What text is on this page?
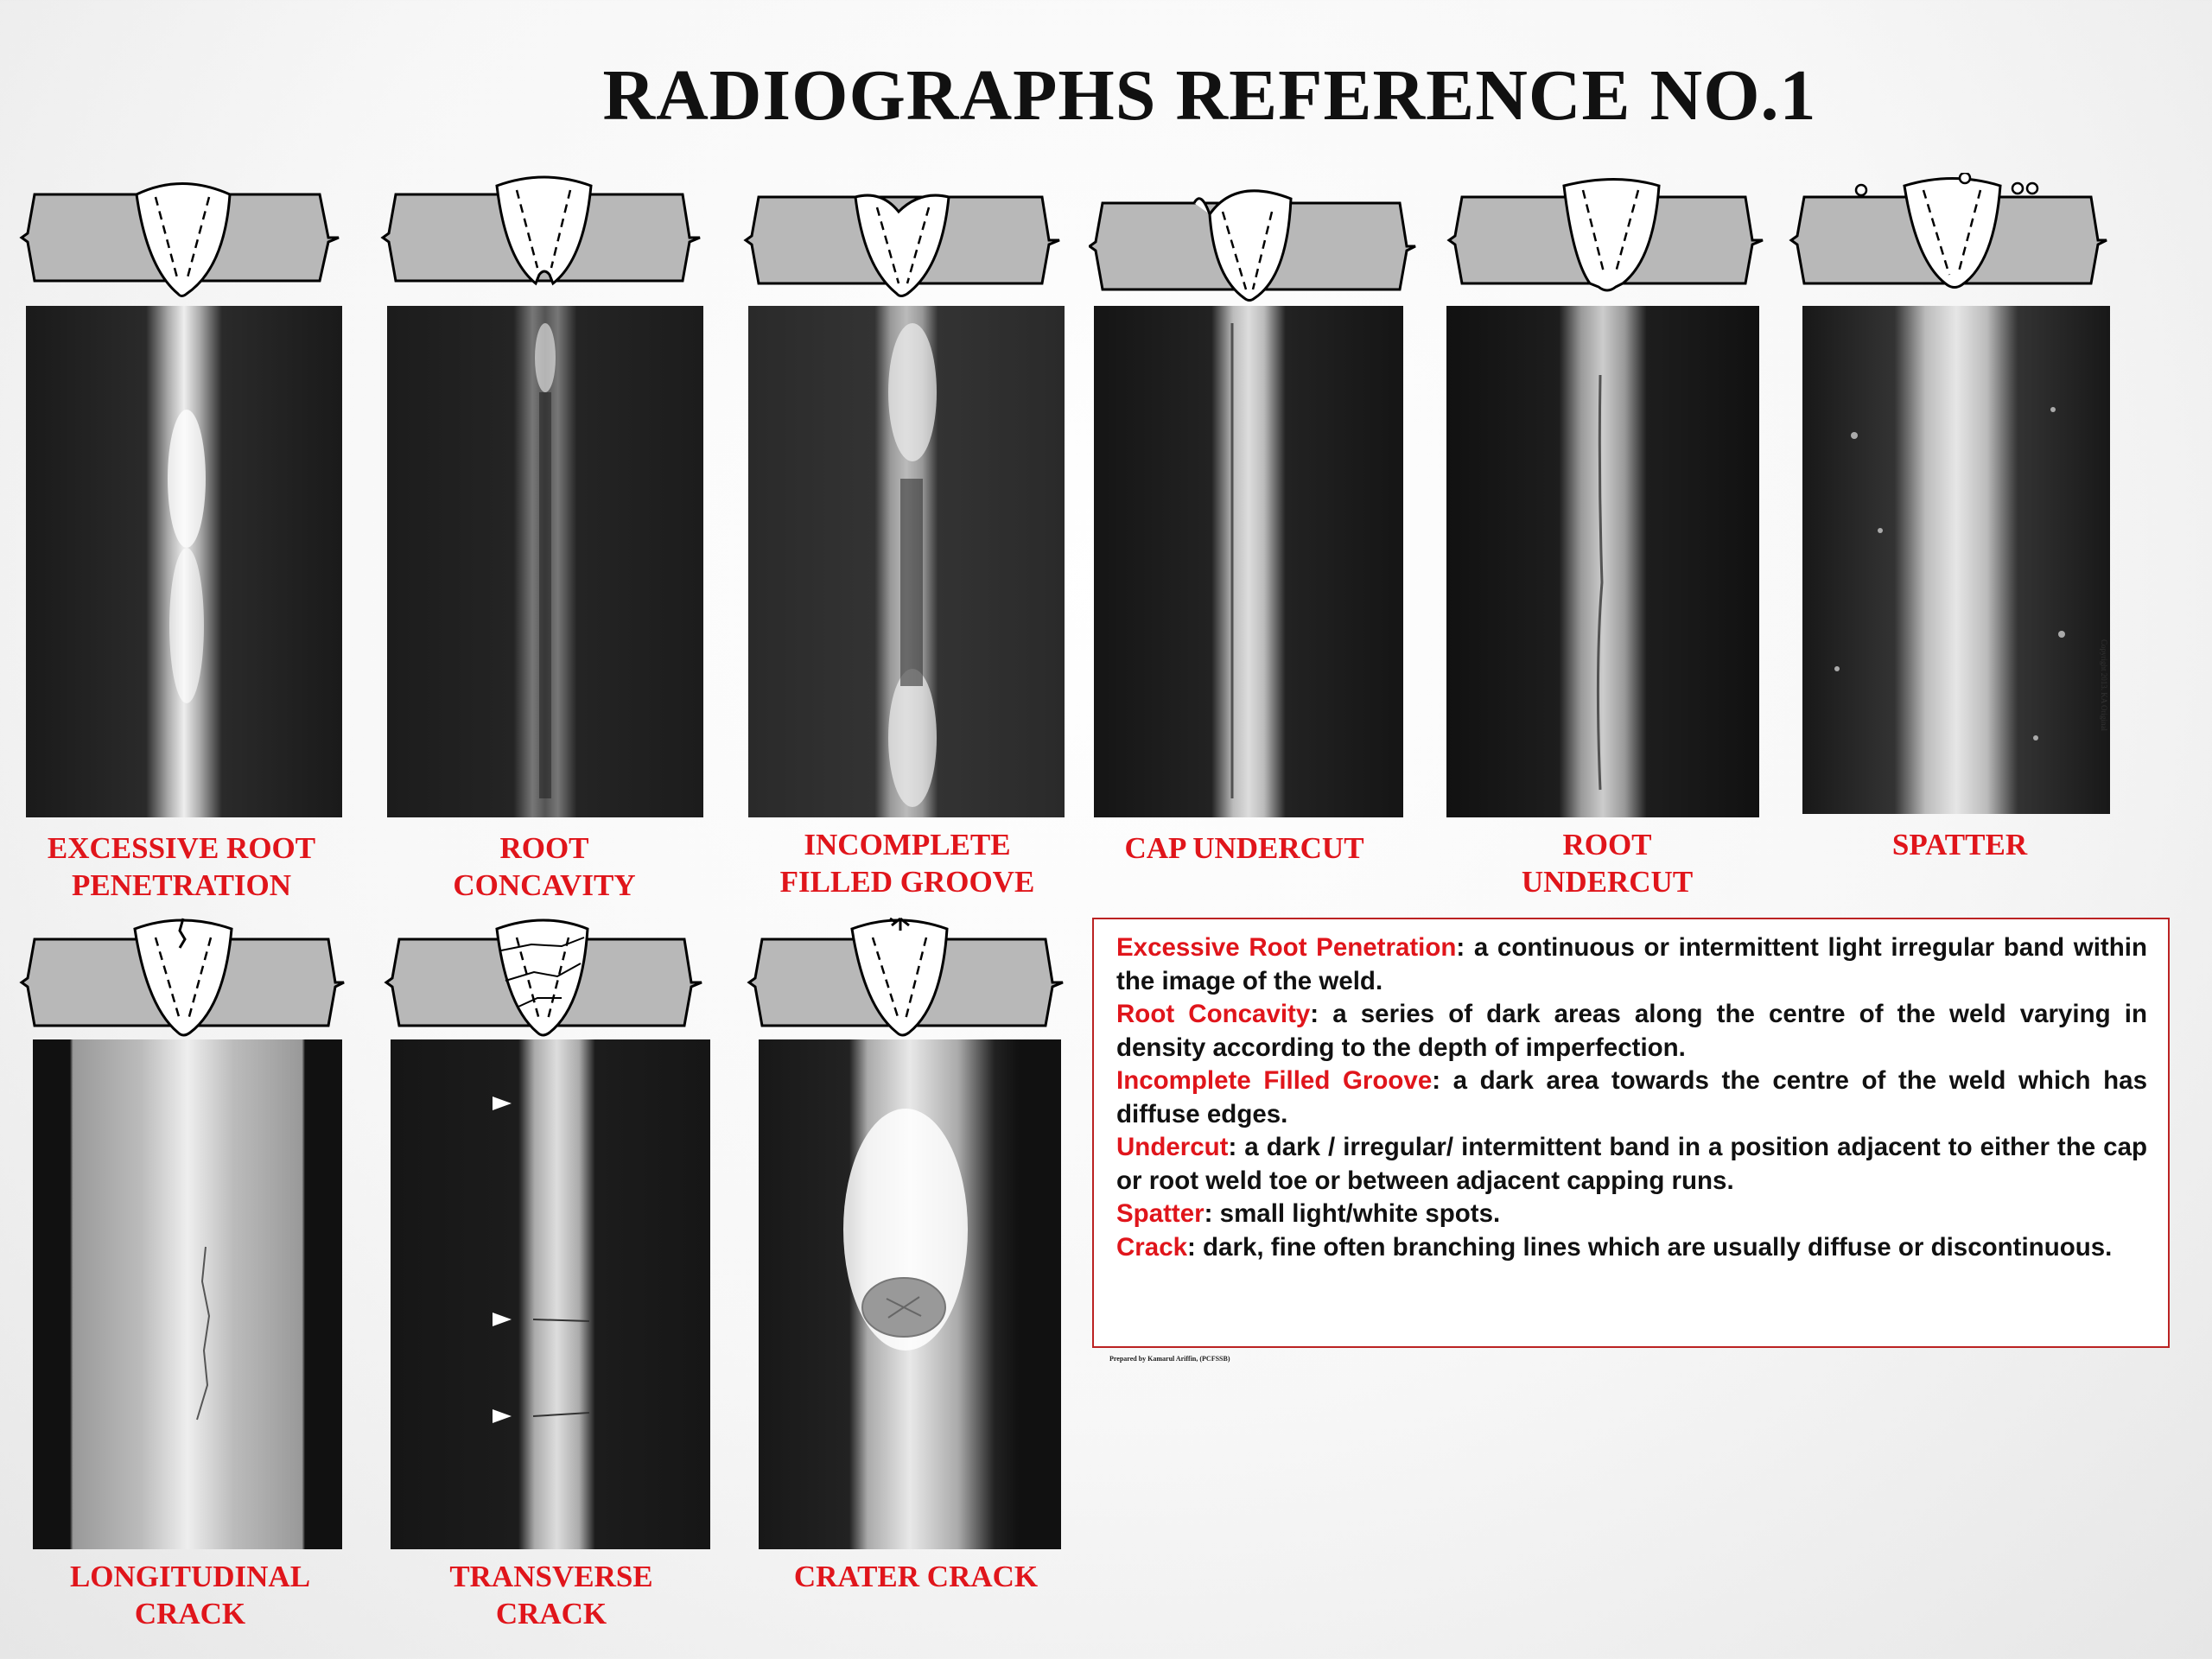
RADIOGRAPHS REFERENCE NO.1
EXCESSIVE ROOT
PENETRATION
ROOT
CONCAVITY
INCOMPLETE
FILLED GROOVE
CAP UNDERCUT	ROOT
UNDERCUT
SPATTER
Copyright 2013. KA Original
LONGITUDINAL
CRACK
TRANSVERSE
CRACK
CRATER CRACK

Excessive Root Penetration: a continuous or intermittent light irregular band within the image of the weld.

Root Concavity: a series of dark areas along the centre of the weld varying in density according to the depth of imperfection.

Incomplete Filled Groove: a dark area towards the centre of the weld which has diffuse edges.

Undercut: a dark / irregular/ intermittent band in a position adjacent to either the cap or root weld toe or between adjacent capping runs.

Spatter: small light/white spots.

Crack: dark, fine often branching lines which are usually diffuse or discontinuous.

Prepared by Kamarul Ariffin, (PCFSSB)
